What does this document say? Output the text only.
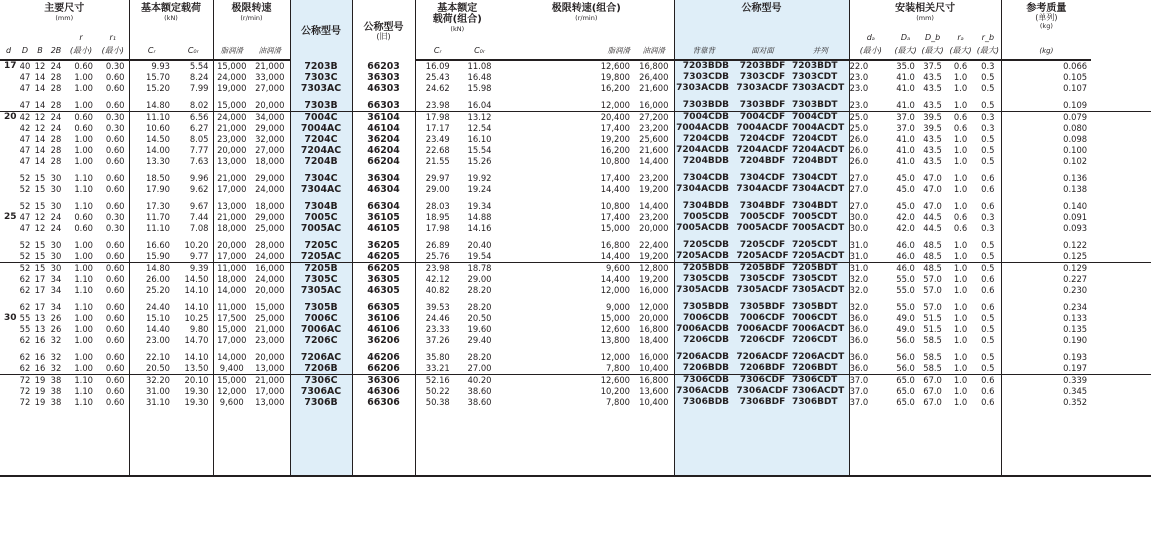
主要尺寸
(mm)						基本额定载荷
(kN)		极限转速
(r/min)		公称型号	公称型号
(旧)	基本额定
载荷(组合)
(kN)		极限转速(组合)
(r/min)		公称型号			安装相关尺寸
(mm)					参考质量
(单列)
(kg)	

				r	r₁														dₐ	Dₐ	D_b	rₐ	r_b		
d	D	B	2B	(最小)	(最小)	Cᵣ	C₀ᵣ	脂润滑	油润滑			Cᵣ	C₀ᵣ	脂润滑	油润滑	背靠背	面对面	并列	(最小)	(最大)	(最大)	(最大)	(最大)	(kg)	
17	40	12	24	0.60	0.30	9.93	5.54	15,000	21,000	7203B	66203	16.09	11.08	12,600	16,800	7203BDB	7203BDF	7203BDT	22.0	35.0	37.5	0.6	0.3	0.066	
	47	14	28	1.00	0.60	15.70	8.24	24,000	33,000	7303C	36303	25.43	16.48	19,800	26,400	7303CDB	7303CDF	7303CDT	23.0	41.0	43.5	1.0	0.5	0.105	
	47	14	28	1.00	0.60	15.20	7.99	19,000	27,000	7303AC	46303	24.62	15.98	16,200	21,600	7303ACDB	7303ACDF	7303ACDT	23.0	41.0	43.5	1.0	0.5	0.107	

	47	14	28	1.00	0.60	14.80	8.02	15,000	20,000	7303B	66303	23.98	16.04	12,000	16,000	7303BDB	7303BDF	7303BDT	23.0	41.0	43.5	1.0	0.5	0.109	
20	42	12	24	0.60	0.30	11.10	6.56	24,000	34,000	7004C	36104	17.98	13.12	20,400	27,200	7004CDB	7004CDF	7004CDT	25.0	37.0	39.5	0.6	0.3	0.079	
	42	12	24	0.60	0.30	10.60	6.27	21,000	29,000	7004AC	46104	17.17	12.54	17,400	23,200	7004ACDB	7004ACDF	7004ACDT	25.0	37.0	39.5	0.6	0.3	0.080	
	47	14	28	1.00	0.60	14.50	8.05	23,000	32,000	7204C	36204	23.49	16.10	19,200	25,600	7204CDB	7204CDF	7204CDT	26.0	41.0	43.5	1.0	0.5	0.098	
	47	14	28	1.00	0.60	14.00	7.77	20,000	27,000	7204AC	46204	22.68	15.54	16,200	21,600	7204ACDB	7204ACDF	7204ACDT	26.0	41.0	43.5	1.0	0.5	0.100	
	47	14	28	1.00	0.60	13.30	7.63	13,000	18,000	7204B	66204	21.55	15.26	10,800	14,400	7204BDB	7204BDF	7204BDT	26.0	41.0	43.5	1.0	0.5	0.102	

	52	15	30	1.10	0.60	18.50	9.96	21,000	29,000	7304C	36304	29.97	19.92	17,400	23,200	7304CDB	7304CDF	7304CDT	27.0	45.0	47.0	1.0	0.6	0.136	
	52	15	30	1.10	0.60	17.90	9.62	17,000	24,000	7304AC	46304	29.00	19.24	14,400	19,200	7304ACDB	7304ACDF	7304ACDT	27.0	45.0	47.0	1.0	0.6	0.138	

	52	15	30	1.10	0.60	17.30	9.67	13,000	18,000	7304B	66304	28.03	19.34	10,800	14,400	7304BDB	7304BDF	7304BDT	27.0	45.0	47.0	1.0	0.6	0.140	
25	47	12	24	0.60	0.30	11.70	7.44	21,000	29,000	7005C	36105	18.95	14.88	17,400	23,200	7005CDB	7005CDF	7005CDT	30.0	42.0	44.5	0.6	0.3	0.091	
	47	12	24	0.60	0.30	11.10	7.08	18,000	25,000	7005AC	46105	17.98	14.16	15,000	20,000	7005ACDB	7005ACDF	7005ACDT	30.0	42.0	44.5	0.6	0.3	0.093	

	52	15	30	1.00	0.60	16.60	10.20	20,000	28,000	7205C	36205	26.89	20.40	16,800	22,400	7205CDB	7205CDF	7205CDT	31.0	46.0	48.5	1.0	0.5	0.122	
	52	15	30	1.00	0.60	15.90	9.77	17,000	24,000	7205AC	46205	25.76	19.54	14,400	19,200	7205ACDB	7205ACDF	7205ACDT	31.0	46.0	48.5	1.0	0.5	0.125	
	52	15	30	1.00	0.60	14.80	9.39	11,000	16,000	7205B	66205	23.98	18.78	9,600	12,800	7205BDB	7205BDF	7205BDT	31.0	46.0	48.5	1.0	0.5	0.129	
	62	17	34	1.10	0.60	26.00	14.50	18,000	24,000	7305C	36305	42.12	29.00	14,400	19,200	7305CDB	7305CDF	7305CDT	32.0	55.0	57.0	1.0	0.6	0.227	
	62	17	34	1.10	0.60	25.20	14.10	14,000	20,000	7305AC	46305	40.82	28.20	12,000	16,000	7305ACDB	7305ACDF	7305ACDT	32.0	55.0	57.0	1.0	0.6	0.230	

	62	17	34	1.10	0.60	24.40	14.10	11,000	15,000	7305B	66305	39.53	28.20	9,000	12,000	7305BDB	7305BDF	7305BDT	32.0	55.0	57.0	1.0	0.6	0.234	
30	55	13	26	1.00	0.60	15.10	10.25	17,500	25,000	7006C	36106	24.46	20.50	15,000	20,000	7006CDB	7006CDF	7006CDT	36.0	49.0	51.5	1.0	0.5	0.133	
	55	13	26	1.00	0.60	14.40	9.80	15,000	21,000	7006AC	46106	23.33	19.60	12,600	16,800	7006ACDB	7006ACDF	7006ACDT	36.0	49.0	51.5	1.0	0.5	0.135	
	62	16	32	1.00	0.60	23.00	14.70	17,000	23,000	7206C	36206	37.26	29.40	13,800	18,400	7206CDB	7206CDF	7206CDT	36.0	56.0	58.5	1.0	0.5	0.190	

	62	16	32	1.00	0.60	22.10	14.10	14,000	20,000	7206AC	46206	35.80	28.20	12,000	16,000	7206ACDB	7206ACDF	7206ACDT	36.0	56.0	58.5	1.0	0.5	0.193	
	62	16	32	1.00	0.60	20.50	13.50	9,400	13,000	7206B	66206	33.21	27.00	7,800	10,400	7206BDB	7206BDF	7206BDT	36.0	56.0	58.5	1.0	0.5	0.197	
	72	19	38	1.10	0.60	32.20	20.10	15,000	21,000	7306C	36306	52.16	40.20	12,600	16,800	7306CDB	7306CDF	7306CDT	37.0	65.0	67.0	1.0	0.6	0.339	
	72	19	38	1.10	0.60	31.00	19.30	12,000	17,000	7306AC	46306	50.22	38.60	10,200	13,600	7306ACDB	7306ACDF	7306ACDT	37.0	65.0	67.0	1.0	0.6	0.345	
	72	19	38	1.10	0.60	31.10	19.30	9,600	13,000	7306B	66306	50.38	38.60	7,800	10,400	7306BDB	7306BDF	7306BDT	37.0	65.0	67.0	1.0	0.6	0.352	
